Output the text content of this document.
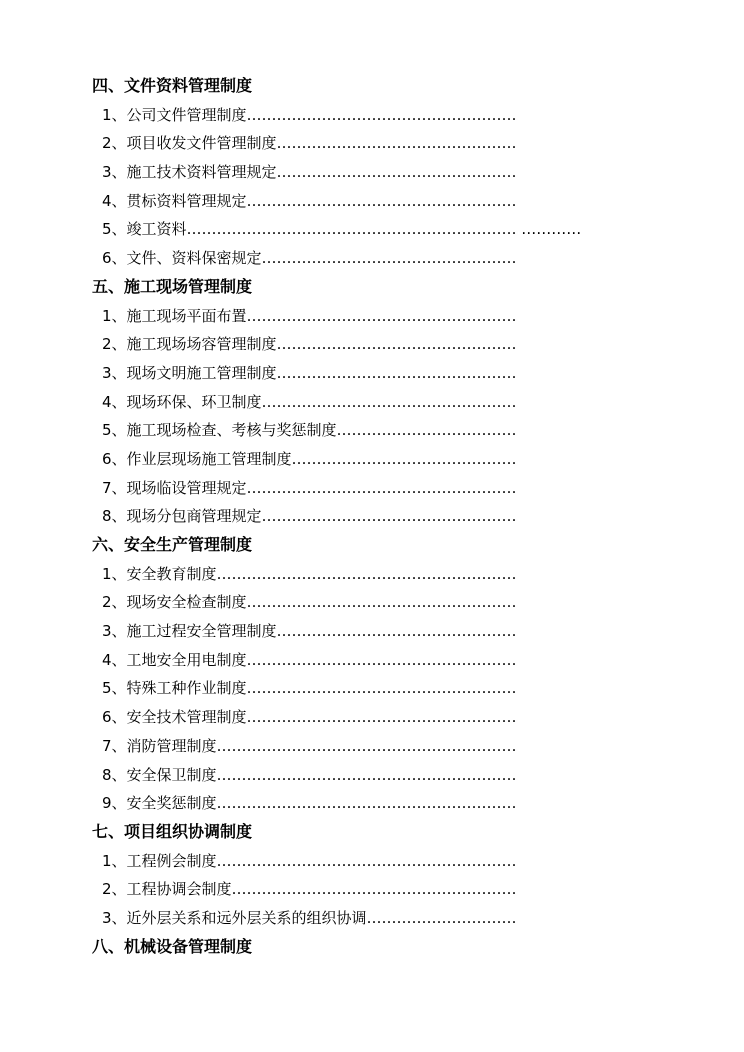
四、文件资料管理制度
1、公司文件管理制度………………………………………………
2、项目收发文件管理制度…………………………………………
3、施工技术资料管理规定…………………………………………
4、贯标资料管理规定………………………………………………
5、竣工资料………………………………………………………… …………
6、文件、资料保密规定……………………………………………
五、施工现场管理制度
1、施工现场平面布置………………………………………………
2、施工现场场容管理制度…………………………………………
3、现场文明施工管理制度…………………………………………
4、现场环保、环卫制度……………………………………………
5、施工现场检查、考核与奖惩制度………………………………
6、作业层现场施工管理制度………………………………………
7、现场临设管理规定………………………………………………
8、现场分包商管理规定……………………………………………
六、安全生产管理制度
1、安全教育制度……………………………………………………
2、现场安全检查制度………………………………………………
3、施工过程安全管理制度…………………………………………
4、工地安全用电制度………………………………………………
5、特殊工种作业制度………………………………………………
6、安全技术管理制度………………………………………………
7、消防管理制度……………………………………………………
8、安全保卫制度……………………………………………………
9、安全奖惩制度……………………………………………………
七、项目组织协调制度
1、工程例会制度……………………………………………………
2、工程协调会制度…………………………………………………
3、近外层关系和远外层关系的组织协调…………………………
八、机械设备管理制度
